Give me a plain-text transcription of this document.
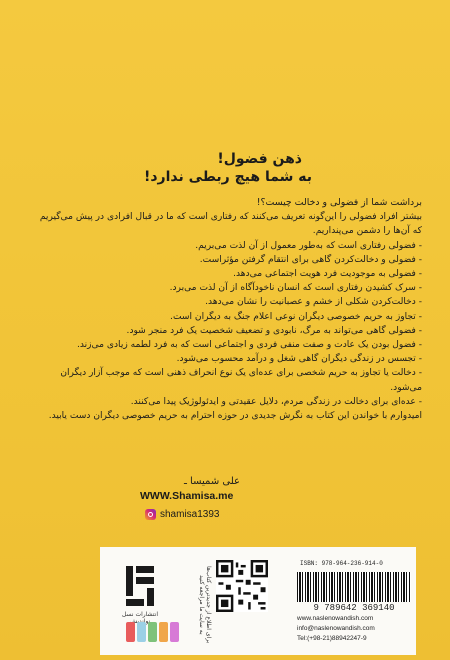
ذهن فضول!

به شما هیچ ربطی ندارد!

برداشت شما از فضولی و دخالت چیست؟!
بیشتر افراد فضولی را این‌گونه تعریف می‌کنند که رفتاری است که ما در قبال افرادی در پیش می‌گیریم که آن‌ها را دشمن می‌پنداریم.
- فضولی رفتاری است که به‌طور معمول از آن لذت می‌بریم.
- فضولی و دخالت‌کردن گاهی برای انتقام گرفتن مؤثراست.
- فضولی به موجودیت فرد هویت اجتماعی می‌دهد.
- سرک کشیدن رفتاری است که انسان ناخودآگاه از آن لذت می‌برد.
- دخالت‌کردن شکلی از خشم و عصبانیت را نشان می‌دهد.
- تجاوز به حریم خصوصی دیگران نوعی اعلام جنگ به دیگران است.
- فضولی گاهی می‌تواند به مرگ، نابودی و تضعیف شخصیت یک فرد منجر شود.
- فضول بودن یک عادت و صفت منفی فردی و اجتماعی است که به فرد لطمه زیادی می‌زند.
- تجسس در زندگی دیگران گاهی شغل و درآمد محسوب می‌شود.
- دخالت یا تجاوز به حریم شخصی برای عده‌ای یک نوع انحراف ذهنی است که موجب آزار دیگران می‌شود.
- عده‌ای برای دخالت در زندگی مردم، دلایل عقیدتی و ایدئولوژیک پیدا می‌کنند.
امیدوارم با خواندن این کتاب به نگرش جدیدی در حوزه احترام به حریم خصوصی دیگران دست یابید.
علی شمیسا ـ
WWW.Shamisa.me
shamisa1393
انتشارات نسل	برای اطلاع از جدیدترین کتاب‌ها به سایت ما مراجعه کنید
ISBN: 978-964-236-914-0
9 789642 369140
www.naslenowandish.com
info@naslenowandish.com
Tel:(+98-21)88942247-9
